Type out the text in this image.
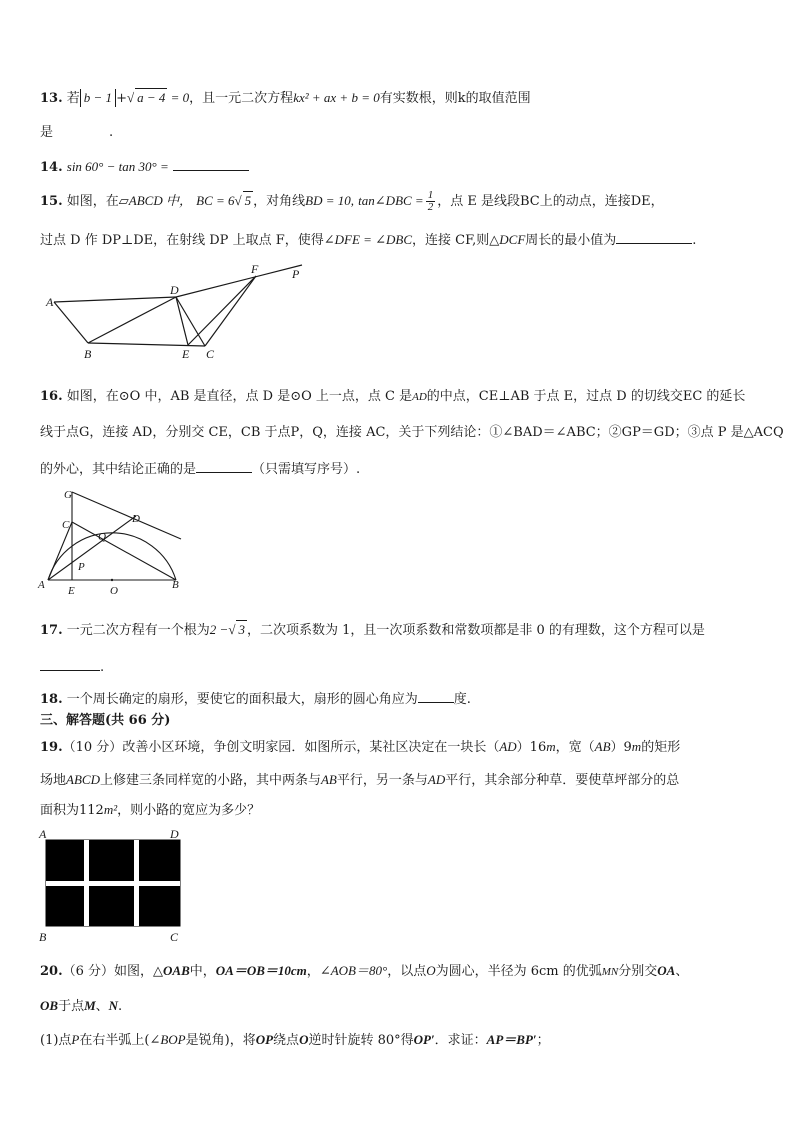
13. 若 b − 1 +√ a − 4 = 0，且一元二次方程kx² + ax + b = 0有实数根，则k的取值范围
是	.
14. sin 60° − tan 30° =
15. 如图，在▱ABCD 中， BC = 6√ 5 ，对角线BD = 10, tan∠DBC = $\frac{1}{2}$ ，点 E 是线段BC上的动点，连接DE，
过点 D 作 DP⊥DE，在射线 DP 上取点 F，使得∠DFE = ∠DBC，连接 CF,则△DCF周长的最小值为	.
A
B
D
E C
F	P
16. 如图，在⊙O 中，AB 是直径，点 D 是⊙O 上一点，点 C 是AD的中点，CE⊥AB 于点 E，过点 D 的切线交EC 的延长
线于点G，连接 AD，分别交 CE，CB 于点P，Q，连接 AC，关于下列结论：①∠BAD＝∠ABC；②GP＝GD；③点 P 是△ACQ
的外心，其中结论正确的是	（只需填写序号）.
G
C	D
Q
P
A E	O	B
17. 一元二次方程有一个根为2 −√ 3 ，二次项系数为 1，且一次项系数和常数项都是非 0 的有理数，这个方程可以是
.
18. 一个周长确定的扇形，要使它的面积最大，扇形的圆心角应为	度.
三、解答题(共 66 分)
19.（10 分）改善小区环境，争创文明家园．如图所示，某社区决定在一块长（AD）16m，宽（AB）9m的矩形
场地ABCD上修建三条同样宽的小路，其中两条与AB平行，另一条与AD平行，其余部分种草．要使草坪部分的总
面积为112m²，则小路的宽应为多少？
A	D
B	C
20.（6 分）如图，△OAB中，OA＝OB＝10cm，∠AOB＝80°，以点O为圆心，半径为 6cm 的优弧MN分别交OA、
OB于点M、N.
(1)点P在右半弧上(∠BOP是锐角)，将OP绕点O逆时针旋转 80°得OP′．求证：AP＝BP′；
